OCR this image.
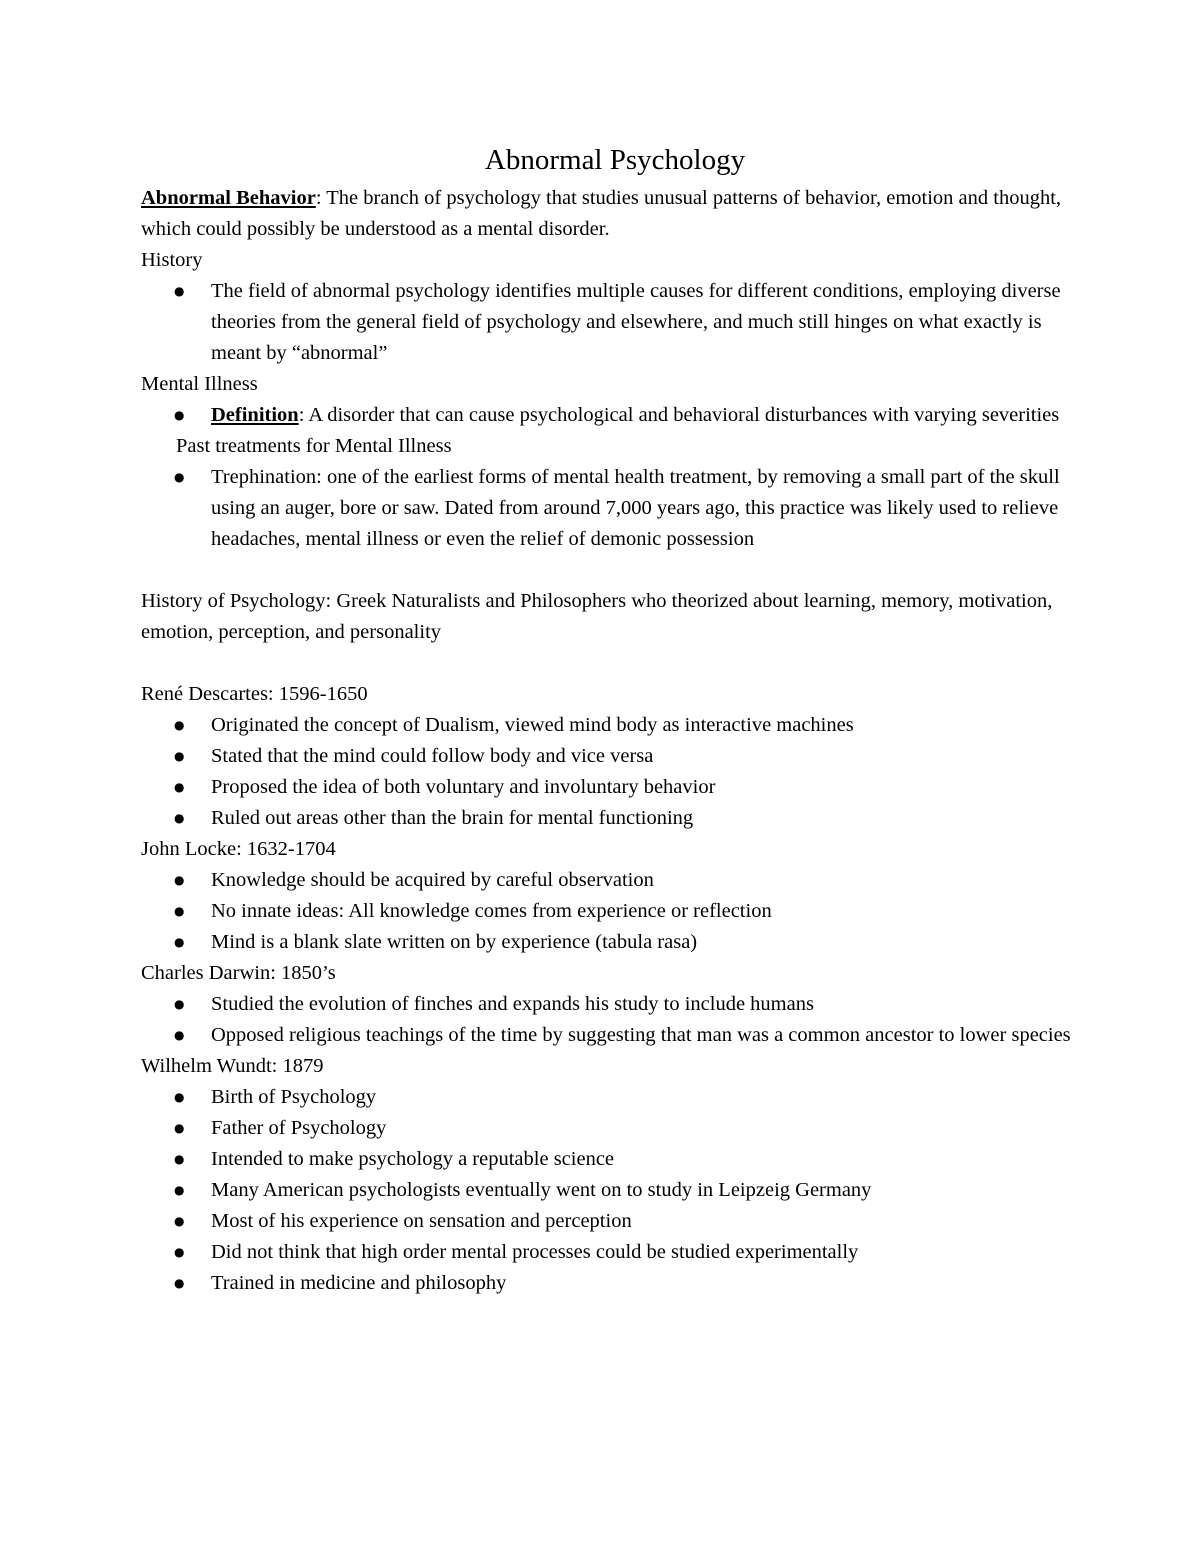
Abnormal Psychology

Abnormal Behavior: The branch of psychology that studies unusual patterns of behavior, emotion and thought, which could possibly be understood as a mental disorder.

History

● The field of abnormal psychology identifies multiple causes for different conditions, employing diverse theories from the general field of psychology and elsewhere, and much still hinges on what exactly is meant by “abnormal”

Mental Illness

● Definition: A disorder that can cause psychological and behavioral disturbances with varying severities

Past treatments for Mental Illness

● Trephination: one of the earliest forms of mental health treatment, by removing a small part of the skull using an auger, bore or saw. Dated from around 7,000 years ago, this practice was likely used to relieve headaches, mental illness or even the relief of demonic possession

History of Psychology: Greek Naturalists and Philosophers who theorized about learning, memory, motivation, emotion, perception, and personality

René Descartes: 1596-1650

● Originated the concept of Dualism, viewed mind body as interactive machines
● Stated that the mind could follow body and vice versa
● Proposed the idea of both voluntary and involuntary behavior
● Ruled out areas other than the brain for mental functioning

John Locke: 1632-1704

● Knowledge should be acquired by careful observation
● No innate ideas: All knowledge comes from experience or reflection
● Mind is a blank slate written on by experience (tabula rasa)

Charles Darwin: 1850’s

● Studied the evolution of finches and expands his study to include humans
● Opposed religious teachings of the time by suggesting that man was a common ancestor to lower species

Wilhelm Wundt: 1879

● Birth of Psychology
● Father of Psychology
● Intended to make psychology a reputable science
● Many American psychologists eventually went on to study in Leipzeig Germany
● Most of his experience on sensation and perception
● Did not think that high order mental processes could be studied experimentally
● Trained in medicine and philosophy
